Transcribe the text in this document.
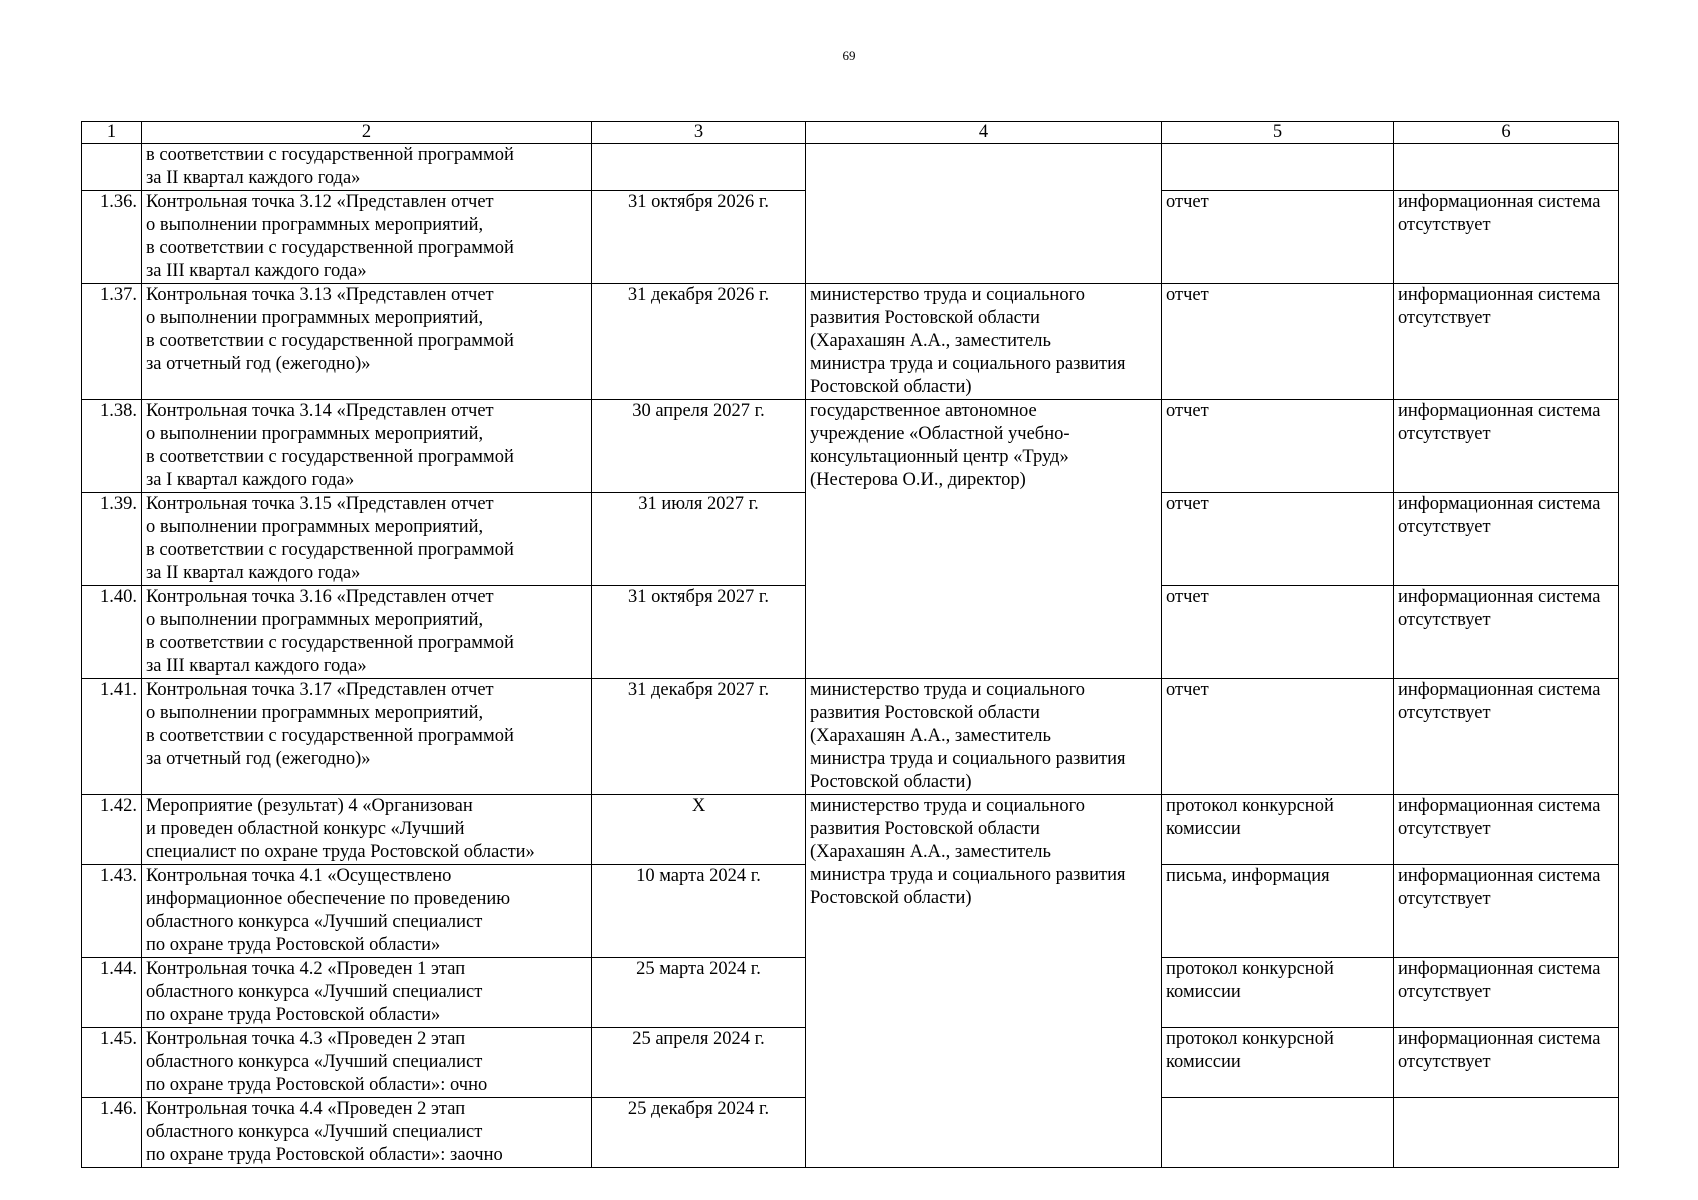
69
1	2	3	4	5	6
	в соответствии с государственной программой
за II квартал каждого года»				
1.36.	Контрольная точка 3.12 «Представлен отчет
о выполнении программных мероприятий,
в соответствии с государственной программой
за III квартал каждого года»	31 октября 2026 г.		отчет	информационная система
отсутствует
1.37.	Контрольная точка 3.13 «Представлен отчет
о выполнении программных мероприятий,
в соответствии с государственной программой
за отчетный год (ежегодно)»	31 декабря 2026 г.	министерство труда и социального
развития Ростовской области
(Харахашян А.А., заместитель
министра труда и социального развития
Ростовской области)	отчет	информационная система
отсутствует
1.38.	Контрольная точка 3.14 «Представлен отчет
о выполнении программных мероприятий,
в соответствии с государственной программой
за I квартал каждого года»	30 апреля 2027 г.	государственное автономное
учреждение «Областной учебно-
консультационный центр «Труд»
(Нестерова О.И., директор)	отчет	информационная система
отсутствует
1.39.	Контрольная точка 3.15 «Представлен отчет
о выполнении программных мероприятий,
в соответствии с государственной программой
за II квартал каждого года»	31 июля 2027 г.		отчет	информационная система
отсутствует
1.40.	Контрольная точка 3.16 «Представлен отчет
о выполнении программных мероприятий,
в соответствии с государственной программой
за III квартал каждого года»	31 октября 2027 г.		отчет	информационная система
отсутствует
1.41.	Контрольная точка 3.17 «Представлен отчет
о выполнении программных мероприятий,
в соответствии с государственной программой
за отчетный год (ежегодно)»	31 декабря 2027 г.	министерство труда и социального
развития Ростовской области
(Харахашян А.А., заместитель
министра труда и социального развития
Ростовской области)	отчет	информационная система
отсутствует
1.42.	Мероприятие (результат) 4 «Организован
и проведен областной конкурс «Лучший
специалист по охране труда Ростовской области»	X	министерство труда и социального
развития Ростовской области
(Харахашян А.А., заместитель
министра труда и социального развития
Ростовской области)	протокол конкурсной
комиссии	информационная система
отсутствует
1.43.	Контрольная точка 4.1 «Осуществлено
информационное обеспечение по проведению
областного конкурса «Лучший специалист
по охране труда Ростовской области»	10 марта 2024 г.		письма, информация	информационная система
отсутствует
1.44.	Контрольная точка 4.2 «Проведен 1 этап
областного конкурса «Лучший специалист
по охране труда Ростовской области»	25 марта 2024 г.		протокол конкурсной
комиссии	информационная система
отсутствует
1.45.	Контрольная точка 4.3 «Проведен 2 этап
областного конкурса «Лучший специалист
по охране труда Ростовской области»: очно	25 апреля 2024 г.		протокол конкурсной
комиссии	информационная система
отсутствует
1.46.	Контрольная точка 4.4 «Проведен 2 этап
областного конкурса «Лучший специалист
по охране труда Ростовской области»: заочно	25 декабря 2024 г.			
